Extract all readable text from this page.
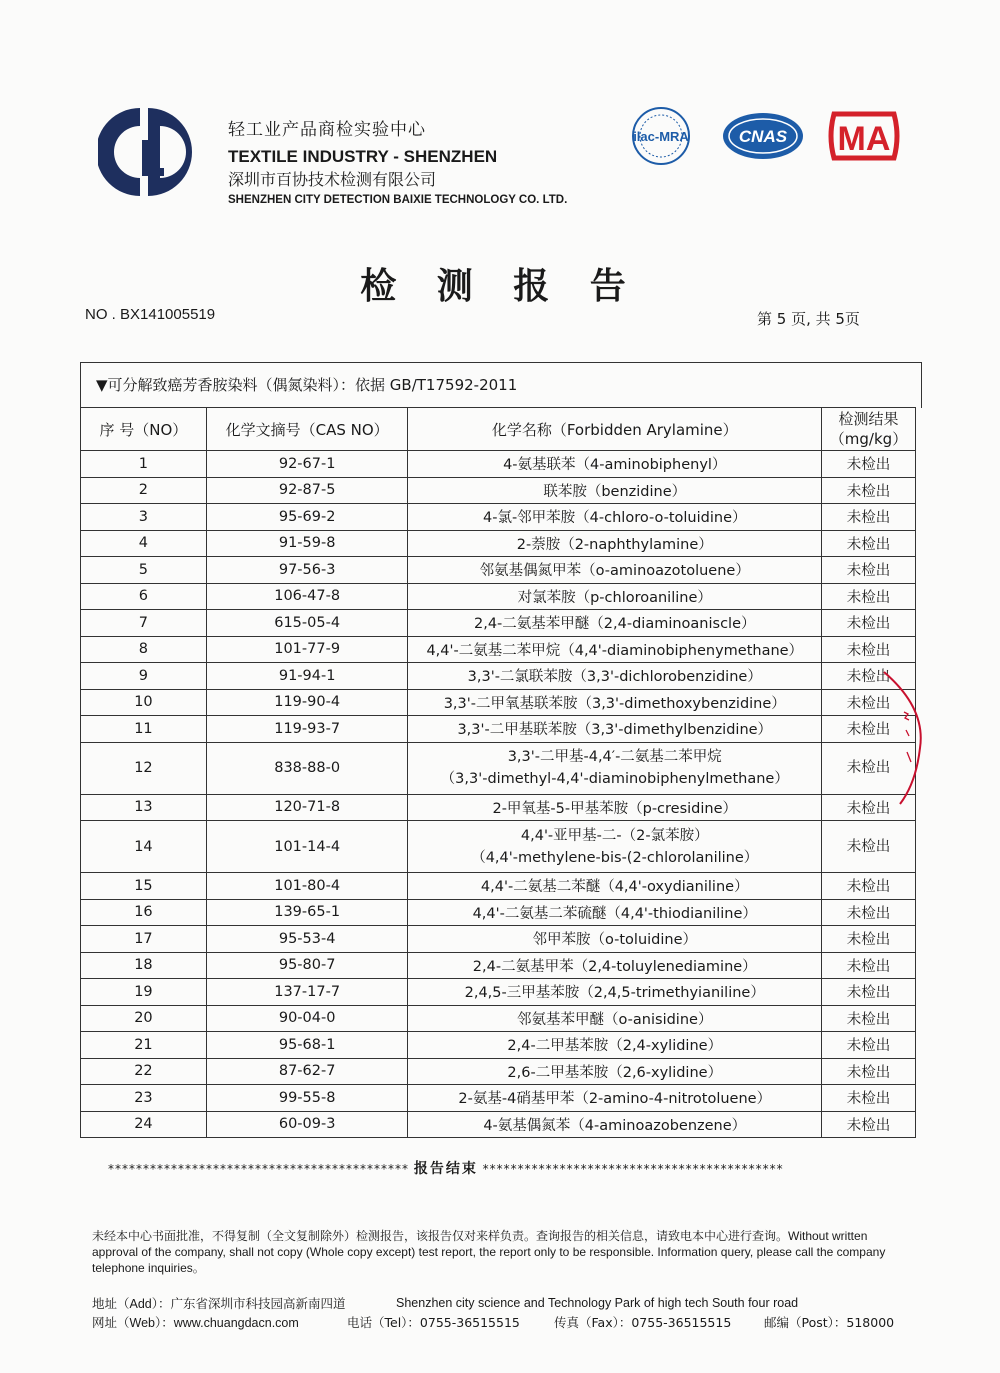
轻工业产品商检实验中心
TEXTILE INDUSTRY - SHENZHEN
深圳市百协技术检测有限公司
SHENZHEN CITY DETECTION BAIXIE TECHNOLOGY CO. LTD.
ilac-MRA	CNAS MA
检 测 报 告
NO . BX141005519	第 5 页, 共 5页
▼可分解致癌芳香胺染料（偶氮染料）：依据 GB/T17592-2011
序 号（NO）	化学文摘号（CAS NO）	化学名称（Forbidden Arylamine）	检测结果（mg/kg）
1	92-67-1	4-氨基联苯（4-aminobiphenyl）	未检出
2	92-87-5	联苯胺（benzidine）	未检出
3	95-69-2	4-氯-邻甲苯胺（4-chloro-o-toluidine）	未检出
4	91-59-8	2-萘胺（2-naphthylamine）	未检出
5	97-56-3	邻氨基偶氮甲苯（o-aminoazotoluene）	未检出
6	106-47-8	对氯苯胺（p-chloroaniline）	未检出
7	615-05-4	2,4-二氨基苯甲醚（2,4-diaminoaniscle）	未检出
8	101-77-9	4,4'-二氨基二苯甲烷（4,4'-diaminobiphenymethane）	未检出
9	91-94-1	3,3'-二氯联苯胺（3,3'-dichlorobenzidine）	未检出
10	119-90-4	3,3'-二甲氧基联苯胺（3,3'-dimethoxybenzidine）	未检出
11	119-93-7	3,3'-二甲基联苯胺（3,3'-dimethylbenzidine）	未检出
12	838-88-0	3,3'-二甲基-4,4′-二氨基二苯甲烷
（3,3'-dimethyl-4,4'-diaminobiphenylmethane）	未检出
13	120-71-8	2-甲氧基-5-甲基苯胺（p-cresidine）	未检出
14	101-14-4	4,4'-亚甲基-二-（2-氯苯胺）
（4,4'-methylene-bis-(2-chlorolaniline）	未检出
15	101-80-4	4,4'-二氨基二苯醚（4,4'-oxydianiline）	未检出
16	139-65-1	4,4'-二氨基二苯硫醚（4,4'-thiodianiline）	未检出
17	95-53-4	邻甲苯胺（o-toluidine）	未检出
18	95-80-7	2,4-二氨基甲苯（2,4-toluylenediamine）	未检出
19	137-17-7	2,4,5-三甲基苯胺（2,4,5-trimethyianiline）	未检出
20	90-04-0	邻氨基苯甲醚（o-anisidine）	未检出
21	95-68-1	2,4-二甲基苯胺（2,4-xylidine）	未检出
22	87-62-7	2,6-二甲基苯胺（2,6-xylidine）	未检出
23	99-55-8	2-氨基-4硝基甲苯（2-amino-4-nitrotoluene）	未检出
24	60-09-3	4-氨基偶氮苯（4-aminoazobenzene）	未检出
******************************************* 报告结束 *******************************************
未经本中心书面批准，不得复制（全文复制除外）检测报告，该报告仅对来样负责。查询报告的相关信息，请致电本中心进行查询。Without written approval of the company, shall not copy (Whole copy except) test report, the report only to be responsible. Information query, please call the company telephone inquiries。
地址（Add）：广东省深圳市科技园高新南四道	Shenzhen city science and Technology Park of high tech South four road
网址（Web）：www.chuangdacn.com	电话（Tel）：0755-36515515	传真（Fax）：0755-36515515	邮编（Post）：518000
